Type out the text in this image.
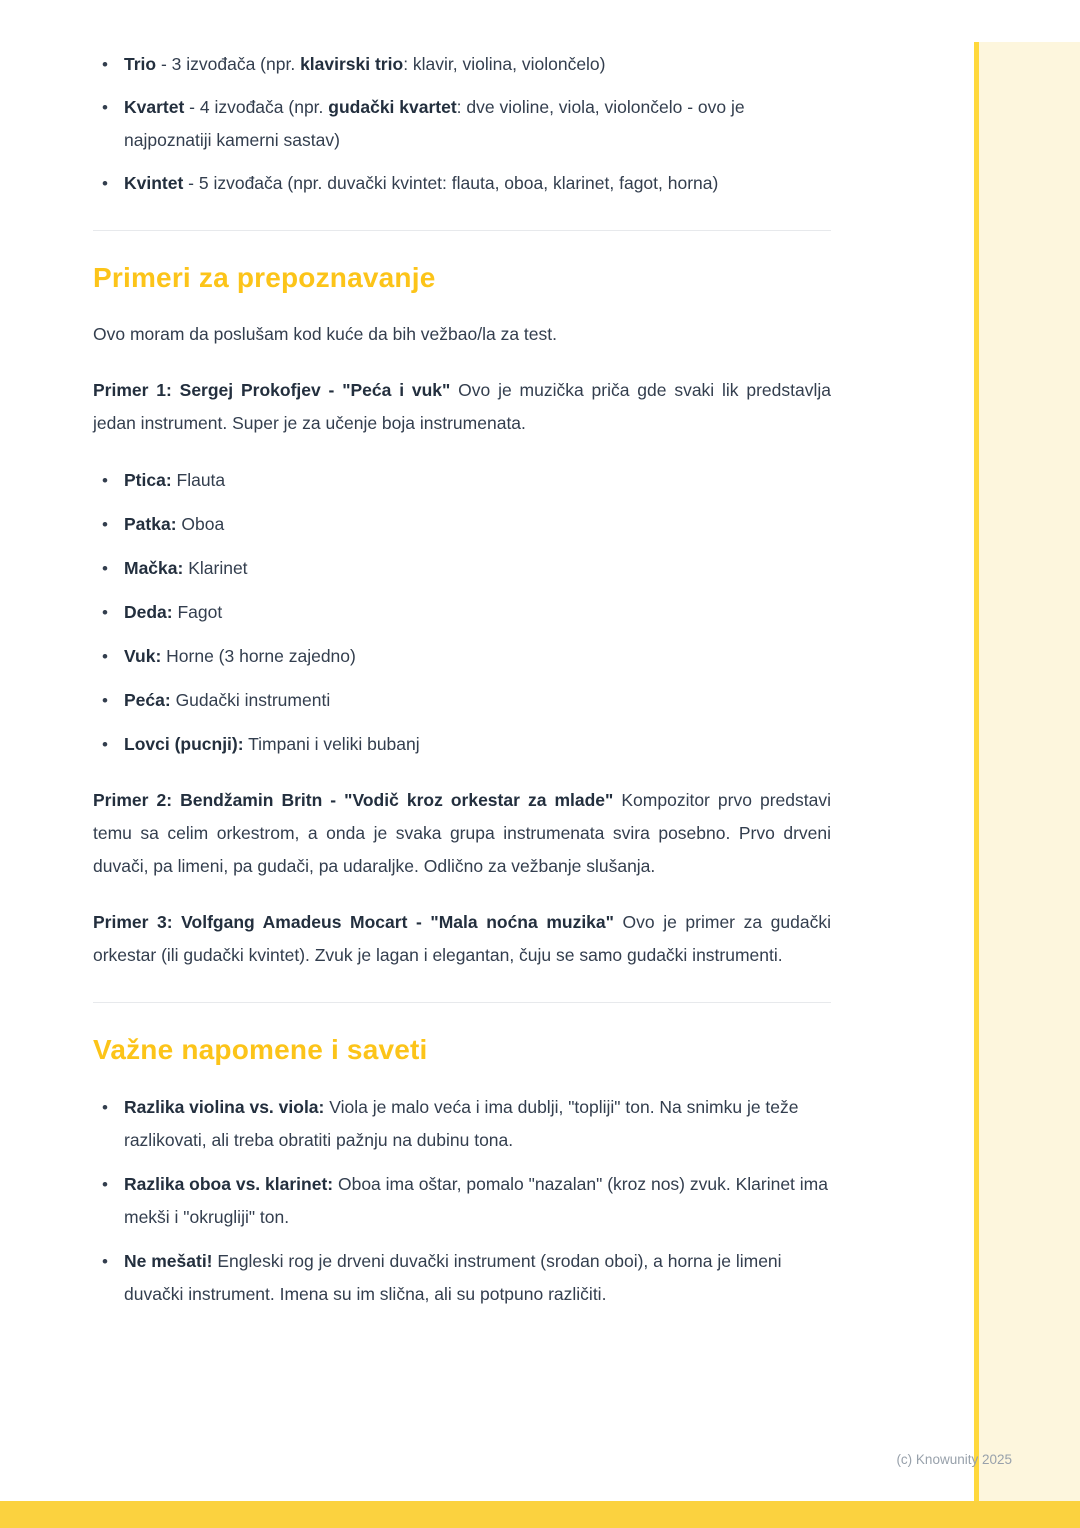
• Trio - 3 izvođača (npr. klavirski trio: klavir, violina, violončelo)
• Kvartet - 4 izvođača (npr. gudački kvartet: dve violine, viola, violončelo - ovo je najpoznatiji kamerni sastav)
• Kvintet - 5 izvođača (npr. duvački kvintet: flauta, oboa, klarinet, fagot, horna)
Primeri za prepoznavanje

Ovo moram da poslušam kod kuće da bih vežbao/la za test.

Primer 1: Sergej Prokofjev - "Peća i vuk" Ovo je muzička priča gde svaki lik predstavlja jedan instrument. Super je za učenje boja instrumenata.

• Ptica: Flauta
• Patka: Oboa
• Mačka: Klarinet
• Deda: Fagot
• Vuk: Horne (3 horne zajedno)
• Peća: Gudački instrumenti
• Lovci (pucnji): Timpani i veliki bubanj

Primer 2: Bendžamin Britn - "Vodič kroz orkestar za mlade" Kompozitor prvo predstavi temu sa celim orkestrom, a onda je svaka grupa instrumenata svira posebno. Prvo drveni duvači, pa limeni, pa gudači, pa udaraljke. Odlično za vežbanje slušanja.

Primer 3: Volfgang Amadeus Mocart - "Mala noćna muzika" Ovo je primer za gudački orkestar (ili gudački kvintet). Zvuk je lagan i elegantan, čuju se samo gudački instrumenti.

Važne napomene i saveti
• Razlika violina vs. viola: Viola je malo veća i ima dublji, "topliji" ton. Na snimku je teže razlikovati, ali treba obratiti pažnju na dubinu tona.
• Razlika oboa vs. klarinet: Oboa ima oštar, pomalo "nazalan" (kroz nos) zvuk. Klarinet ima mekši i "okrugliji" ton.
• Ne mešati! Engleski rog je drveni duvački instrument (srodan oboi), a horna je limeni duvački instrument. Imena su im slična, ali su potpuno različiti.
(c) Knowunity 2025
